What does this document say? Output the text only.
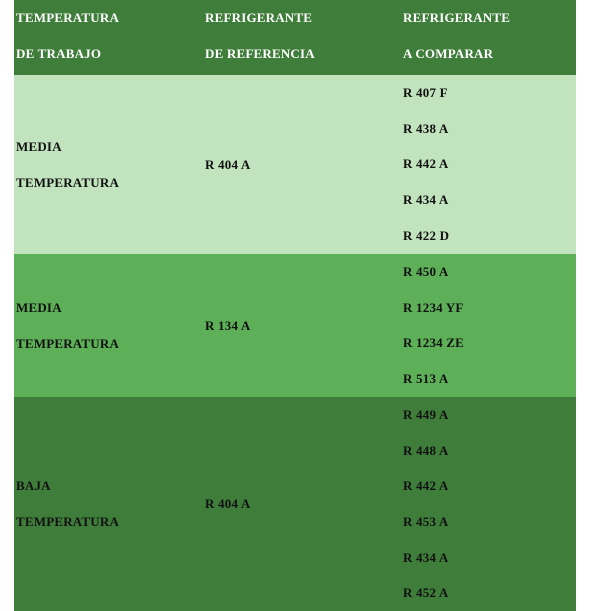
TEMPERATURA
DE TRABAJO
REFRIGERANTE
DE REFERENCIA
REFRIGERANTE
A COMPARAR
MEDIA
TEMPERATURA
R 404 A
R 407 F
R 438 A
R 442 A
R 434 A
R 422 D
MEDIA
TEMPERATURA
R 134 A
R 450 A
R 1234 YF
R 1234 ZE
R 513 A
BAJA
TEMPERATURA
R 404 A
R 449 A
R 448 A
R 442 A
R 453 A
R 434 A
R 452 A
